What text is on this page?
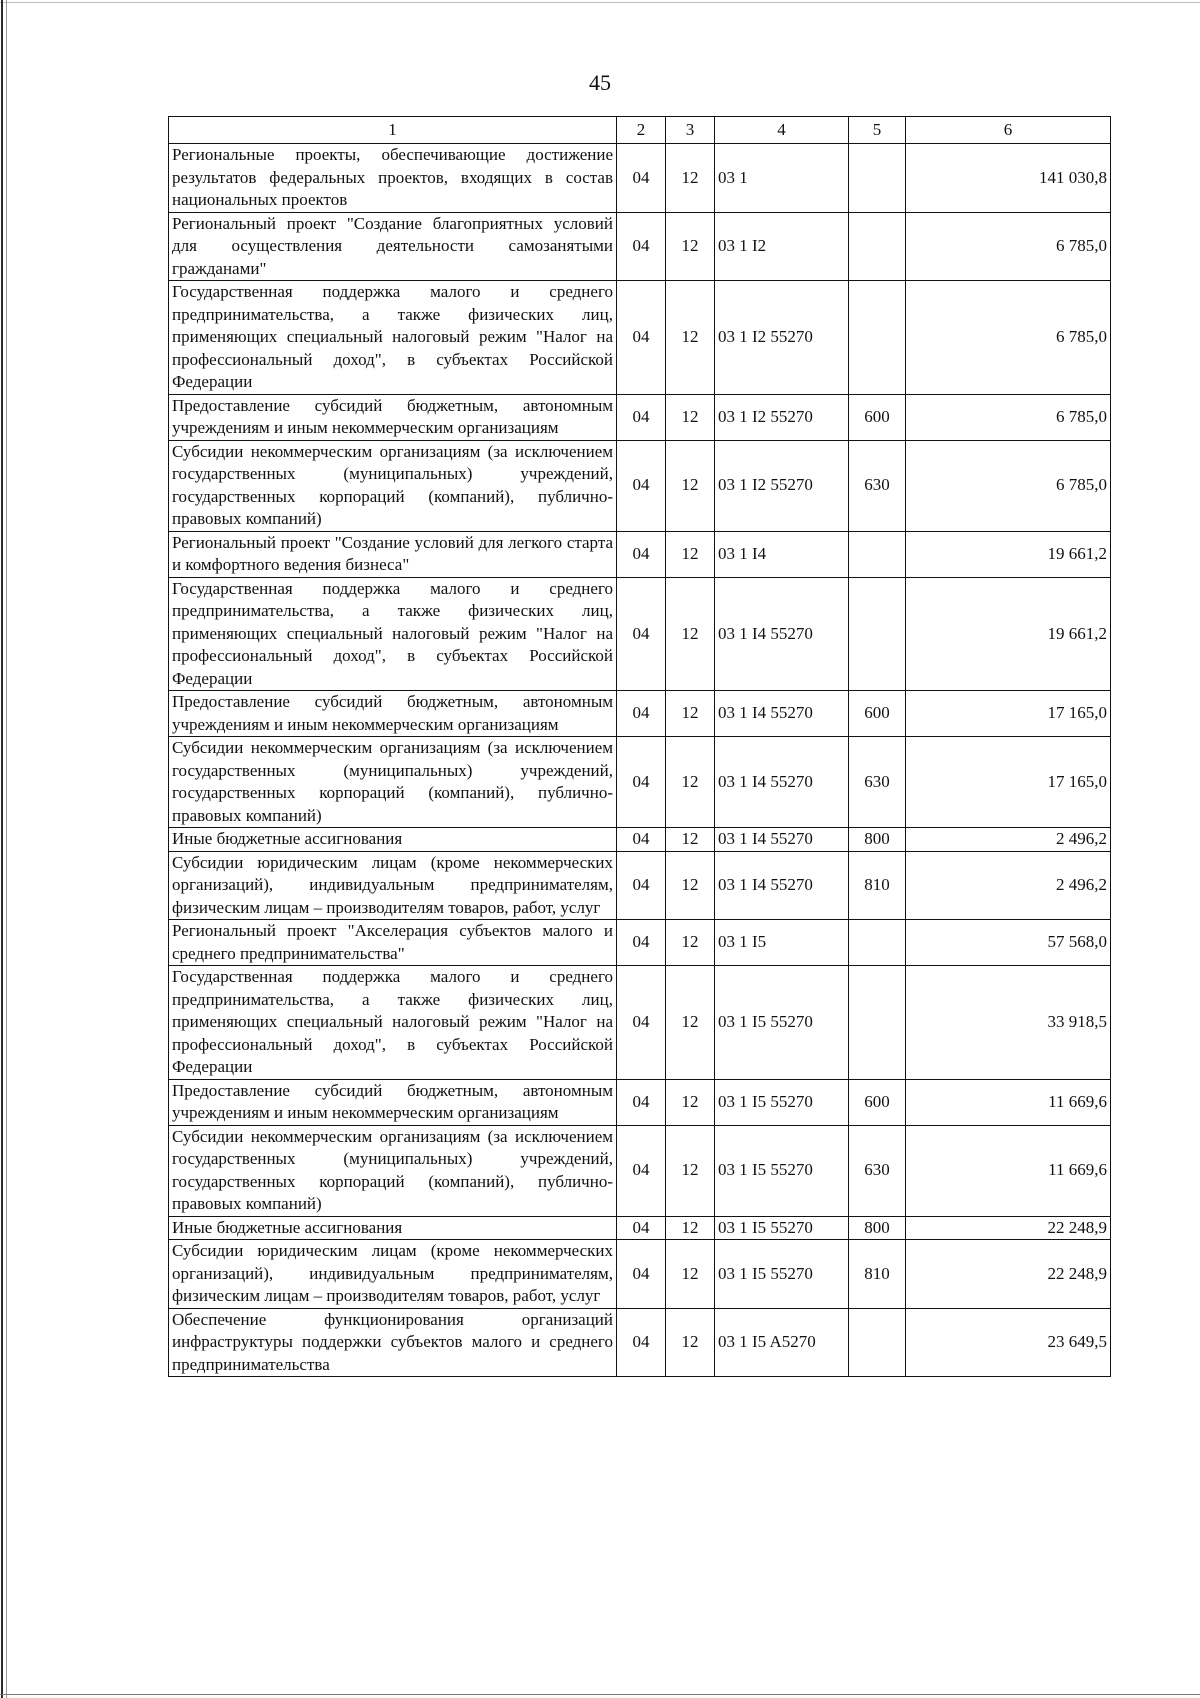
45
1	2	3	4	5	6
Региональные проекты, обеспечивающие достижение результатов федеральных проектов, входящих в состав национальных проектов	04	12	03 1		141 030,8
Региональный проект "Создание благоприятных условий для осуществления деятельности самозанятыми гражданами"	04	12	03 1 I2		6 785,0
Государственная поддержка малого и среднего предпринимательства, а также физических лиц, применяющих специальный налоговый режим "Налог на профессиональный доход", в субъектах Российской Федерации	04	12	03 1 I2 55270		6 785,0
Предоставление субсидий бюджетным, автономным учреждениям и иным некоммерческим организациям	04	12	03 1 I2 55270	600	6 785,0
Субсидии некоммерческим организациям (за исключением государственных (муниципальных) учреждений, государственных корпораций (компаний), публично-правовых компаний)	04	12	03 1 I2 55270	630	6 785,0
Региональный проект "Создание условий для легкого старта и комфортного ведения бизнеса"	04	12	03 1 I4		19 661,2
Государственная поддержка малого и среднего предпринимательства, а также физических лиц, применяющих специальный налоговый режим "Налог на профессиональный доход", в субъектах Российской Федерации	04	12	03 1 I4 55270		19 661,2
Предоставление субсидий бюджетным, автономным учреждениям и иным некоммерческим организациям	04	12	03 1 I4 55270	600	17 165,0
Субсидии некоммерческим организациям (за исключением государственных (муниципальных) учреждений, государственных корпораций (компаний), публично-правовых компаний)	04	12	03 1 I4 55270	630	17 165,0
Иные бюджетные ассигнования	04	12	03 1 I4 55270	800	2 496,2
Субсидии юридическим лицам (кроме некоммерческих организаций), индивидуальным предпринимателям, физическим лицам – производителям товаров, работ, услуг	04	12	03 1 I4 55270	810	2 496,2
Региональный проект "Акселерация субъектов малого и среднего предпринимательства"	04	12	03 1 I5		57 568,0
Государственная поддержка малого и среднего предпринимательства, а также физических лиц, применяющих специальный налоговый режим "Налог на профессиональный доход", в субъектах Российской Федерации	04	12	03 1 I5 55270		33 918,5
Предоставление субсидий бюджетным, автономным учреждениям и иным некоммерческим организациям	04	12	03 1 I5 55270	600	11 669,6
Субсидии некоммерческим организациям (за исключением государственных (муниципальных) учреждений, государственных корпораций (компаний), публично-правовых компаний)	04	12	03 1 I5 55270	630	11 669,6
Иные бюджетные ассигнования	04	12	03 1 I5 55270	800	22 248,9
Субсидии юридическим лицам (кроме некоммерческих организаций), индивидуальным предпринимателям, физическим лицам – производителям товаров, работ, услуг	04	12	03 1 I5 55270	810	22 248,9
Обеспечение функционирования организаций инфраструктуры поддержки субъектов малого и среднего предпринимательства	04	12	03 1 I5 A5270		23 649,5
